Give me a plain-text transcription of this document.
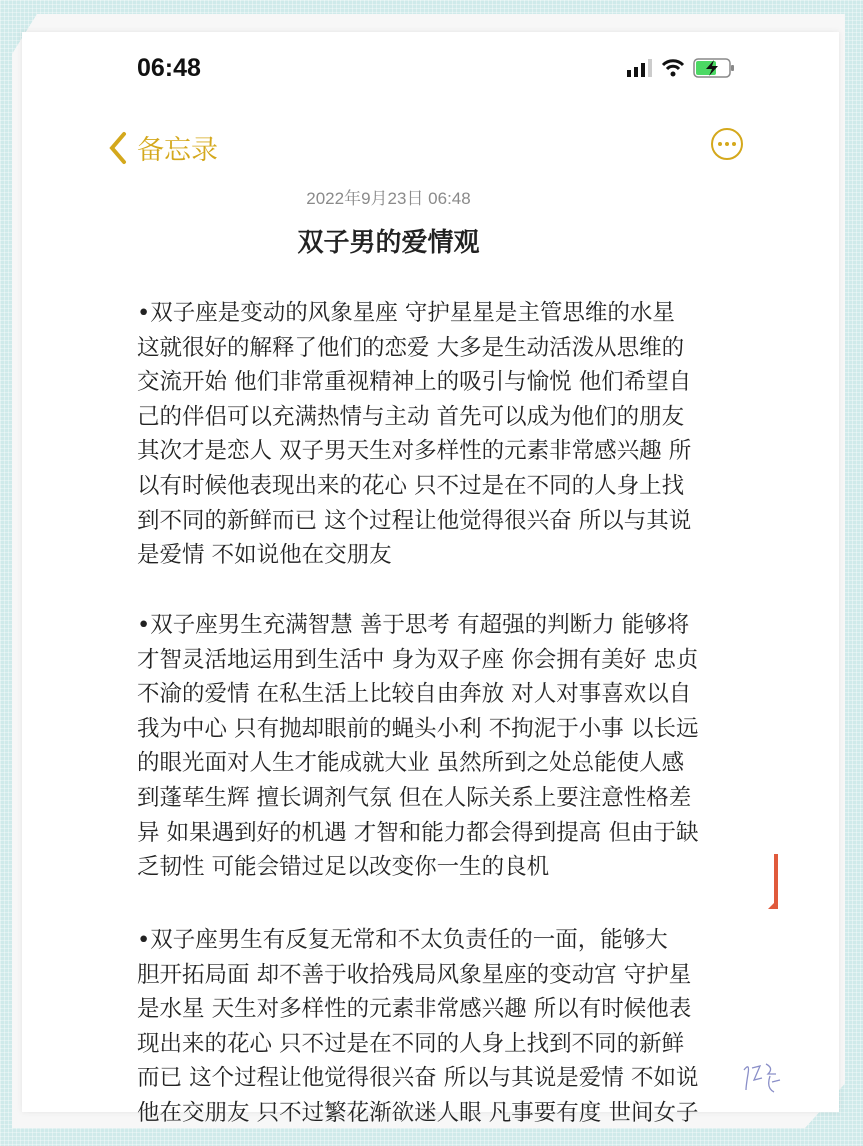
06:48
备忘录
2022年9月23日 06:48
双子男的爱情观
•双子座是变动的风象星座 守护星星是主管思维的水星
这就很好的解释了他们的恋爱 大多是生动活泼从思维的
交流开始 他们非常重视精神上的吸引与愉悦 他们希望自
己的伴侣可以充满热情与主动 首先可以成为他们的朋友
其次才是恋人 双子男天生对多样性的元素非常感兴趣 所
以有时候他表现出来的花心 只不过是在不同的人身上找
到不同的新鲜而已 这个过程让他觉得很兴奋 所以与其说
是爱情 不如说他在交朋友
•双子座男生充满智慧 善于思考 有超强的判断力 能够将
才智灵活地运用到生活中 身为双子座 你会拥有美好 忠贞
不渝的爱情 在私生活上比较自由奔放 对人对事喜欢以自
我为中心 只有抛却眼前的蝇头小利 不拘泥于小事 以长远
的眼光面对人生才能成就大业 虽然所到之处总能使人感
到蓬荜生辉 擅长调剂气氛 但在人际关系上要注意性格差
异 如果遇到好的机遇 才智和能力都会得到提高 但由于缺
乏韧性 可能会错过足以改变你一生的良机
•双子座男生有反复无常和不太负责任的一面，能够大
胆开拓局面 却不善于收拾残局风象星座的变动宫 守护星
是水星 天生对多样性的元素非常感兴趣 所以有时候他表
现出来的花心 只不过是在不同的人身上找到不同的新鲜
而已 这个过程让他觉得很兴奋 所以与其说是爱情 不如说
他在交朋友 只不过繁花渐欲迷人眼 凡事要有度 世间女子
